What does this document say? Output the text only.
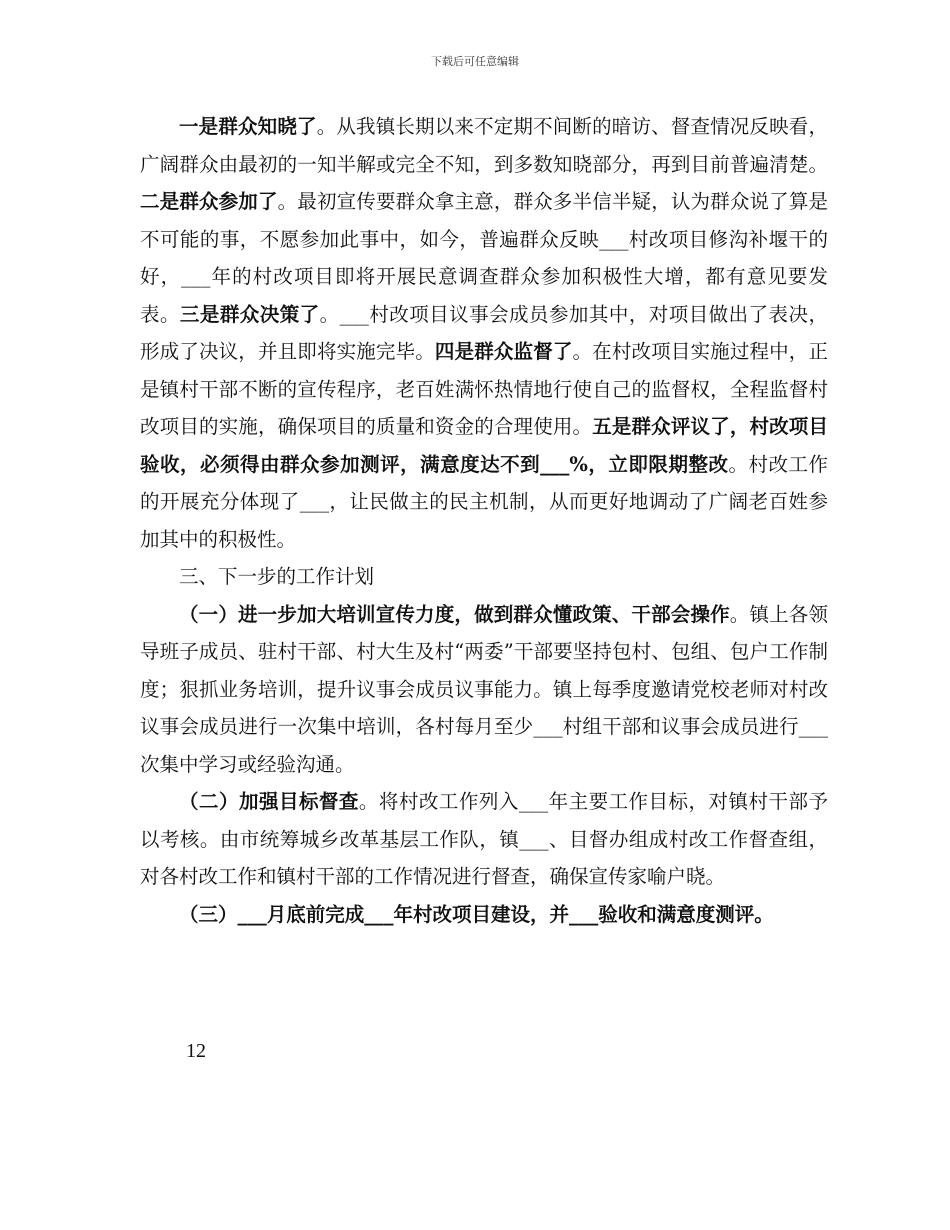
下载后可任意编辑

一是群众知晓了。从我镇长期以来不定期不间断的暗访、督查情况反映看，广阔群众由最初的一知半解或完全不知，到多数知晓部分，再到目前普遍清楚。二是群众参加了。最初宣传要群众拿主意，群众多半信半疑，认为群众说了算是不可能的事，不愿参加此事中，如今，普遍群众反映___村改项目修沟补堰干的好，___年的村改项目即将开展民意调查群众参加积极性大增，都有意见要发表。三是群众决策了。___村改项目议事会成员参加其中，对项目做出了表决，形成了决议，并且即将实施完毕。四是群众监督了。在村改项目实施过程中，正是镇村干部不断的宣传程序，老百姓满怀热情地行使自己的监督权，全程监督村改项目的实施，确保项目的质量和资金的合理使用。五是群众评议了，村改项目验收，必须得由群众参加测评，满意度达不到___%，立即限期整改。村改工作的开展充分体现了___，让民做主的民主机制，从而更好地调动了广阔老百姓参加其中的积极性。

三、下一步的工作计划

（一）进一步加大培训宣传力度，做到群众懂政策、干部会操作。镇上各领导班子成员、驻村干部、村大生及村“两委”干部要坚持包村、包组、包户工作制度；狠抓业务培训，提升议事会成员议事能力。镇上每季度邀请党校老师对村改议事会成员进行一次集中培训，各村每月至少___村组干部和议事会成员进行___次集中学习或经验沟通。

（二）加强目标督查。将村改工作列入___年主要工作目标，对镇村干部予以考核。由市统筹城乡改革基层工作队，镇___、目督办组成村改工作督查组，对各村改工作和镇村干部的工作情况进行督查，确保宣传家喻户晓。

（三）___月底前完成___年村改项目建设，并___验收和满意度测评。

12
